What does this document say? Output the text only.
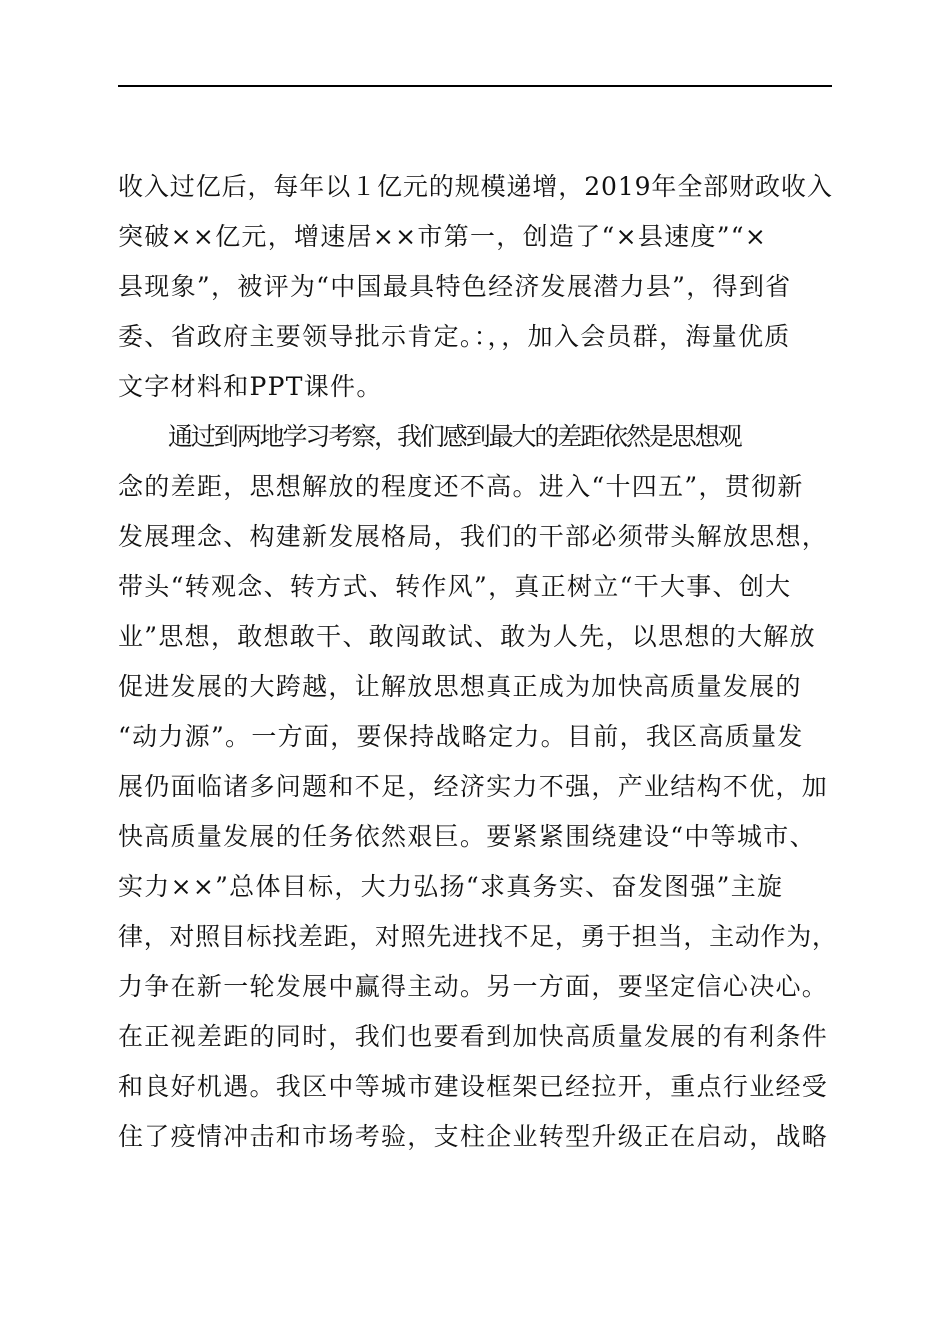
收入过亿后，每年以１亿元的规模递增，2019年全部财政收入
突破××亿元，增速居××市第一，创造了“×县速度”“×
县现象”，被评为“中国最具特色经济发展潜力县”，得到省
委、省政府主要领导批示肯定。：，，加入会员群，海量优质
文字材料和PPT课件。
通过到两地学习考察，我们感到最大的差距依然是思想观
念的差距，思想解放的程度还不高。进入“十四五”，贯彻新
发展理念、构建新发展格局，我们的干部必须带头解放思想，
带头“转观念、转方式、转作风”，真正树立“干大事、创大
业”思想，敢想敢干、敢闯敢试、敢为人先，以思想的大解放
促进发展的大跨越，让解放思想真正成为加快高质量发展的
“动力源”。一方面，要保持战略定力。目前，我区高质量发
展仍面临诸多问题和不足，经济实力不强，产业结构不优，加
快高质量发展的任务依然艰巨。要紧紧围绕建设“中等城市、
实力××”总体目标，大力弘扬“求真务实、奋发图强”主旋
律，对照目标找差距，对照先进找不足，勇于担当，主动作为，
力争在新一轮发展中赢得主动。另一方面，要坚定信心决心。
在正视差距的同时，我们也要看到加快高质量发展的有利条件
和良好机遇。我区中等城市建设框架已经拉开，重点行业经受
住了疫情冲击和市场考验，支柱企业转型升级正在启动，战略
